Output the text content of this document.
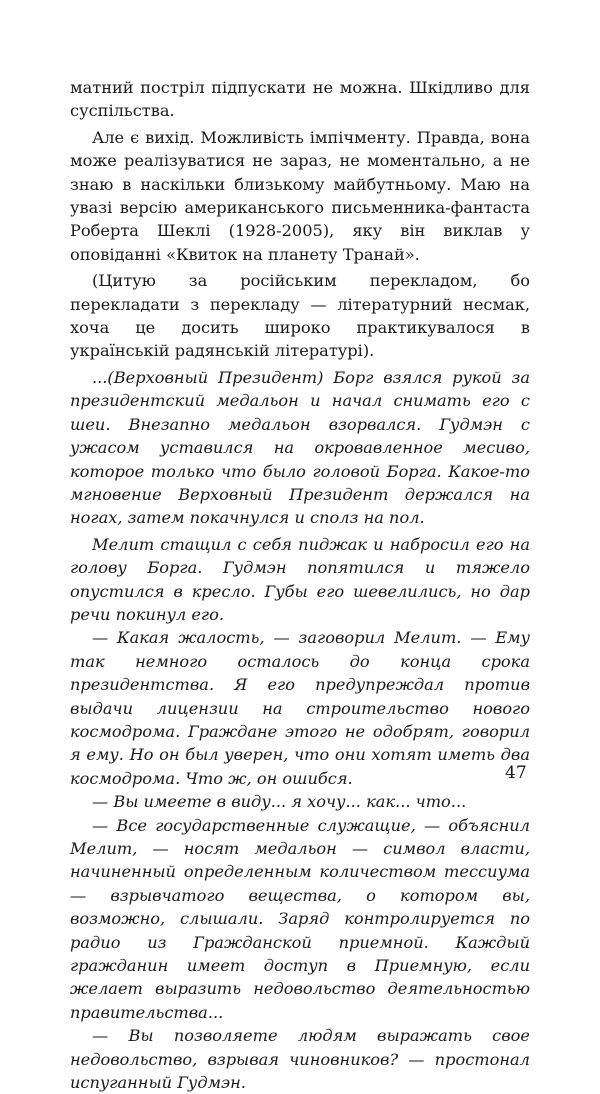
матний постріл підпускати не можна. Шкідливо для суспільства.

Але є вихід. Можливість імпічменту. Правда, вона може реалізуватися не зараз, не моментально, а не знаю в наскільки близькому майбутньому. Маю на увазі версію американського письменника-фантаста Роберта Шеклі (1928-2005), яку він виклав у оповіданні «Квиток на планету Транай».

(Цитую за російським перекладом, бо перекладати з перекладу — літературний несмак, хоча це досить широко практикувалося в українській радянській літературі).

...(Верховный Президент) Борг взялся рукой за президентский медальон и начал снимать его с шеи. Внезапно медальон взорвался. Гудмэн с ужасом уставился на окровавленное месиво, которое только что было головой Борга. Какое-то мгновение Верховный Президент держался на ногах, затем покачнулся и сполз на пол.

Мелит стащил с себя пиджак и набросил его на голову Борга. Гудмэн попятился и тяжело опустился в кресло. Губы его шевелились, но дар речи покинул его.

— Какая жалость, — заговорил Мелит. — Ему так немного осталось до конца срока президентства. Я его предупреждал против выдачи лицензии на строительство нового космодрома. Граждане этого не одобрят, говорил я ему. Но он был уверен, что они хотят иметь два космодрома. Что ж, он ошибся.

— Вы имеете в виду... я хочу... как... что...

— Все государственные служащие, — объяснил Мелит, — носят медальон — символ власти, начиненный определенным количеством тессиума — взрывчатого вещества, о котором вы, возможно, слышали. Заряд контролируется по радио из Гражданской приемной. Каждый гражданин имеет доступ в Приемную, если желает выразить недовольство деятельностью правительства...

— Вы позволяете людям выражать свое недовольство, взрывая чиновников? — простонал испуганный Гудмэн.

47
